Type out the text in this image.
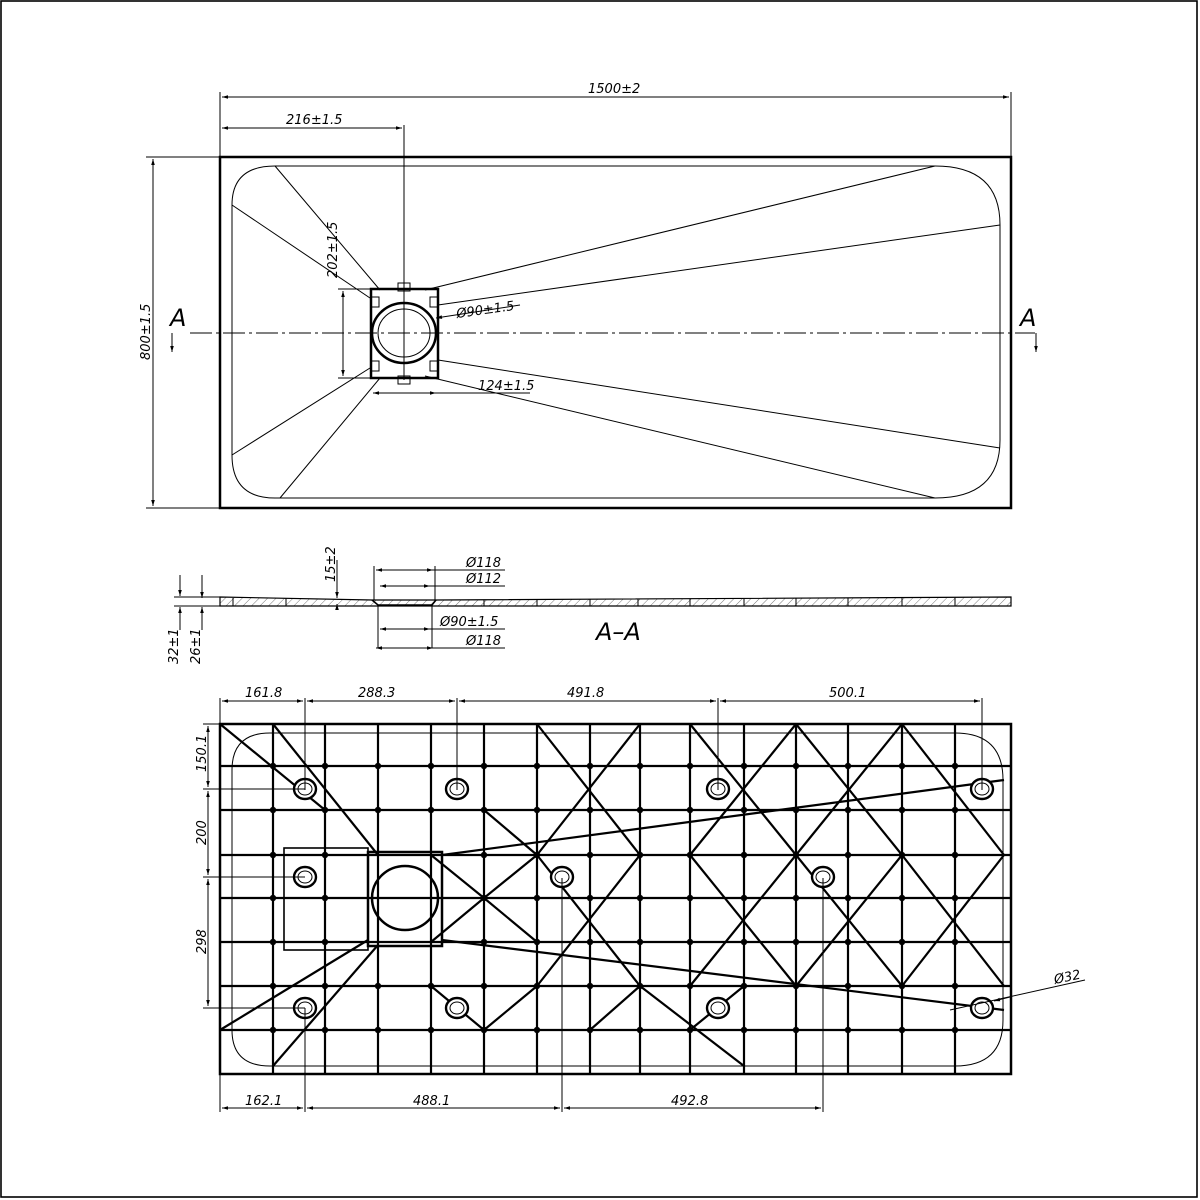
A	A
1500±2
216±1.5
800±1.5
202±1.5
Ø90±1.5
124±1.5
15±2	Ø118
Ø112
Ø90±1.5
Ø118
32±1 26±1	A–A
161.8	288.3	491.8	500.1
162.1	488.1	492.8
150.1
200
298
Ø32
